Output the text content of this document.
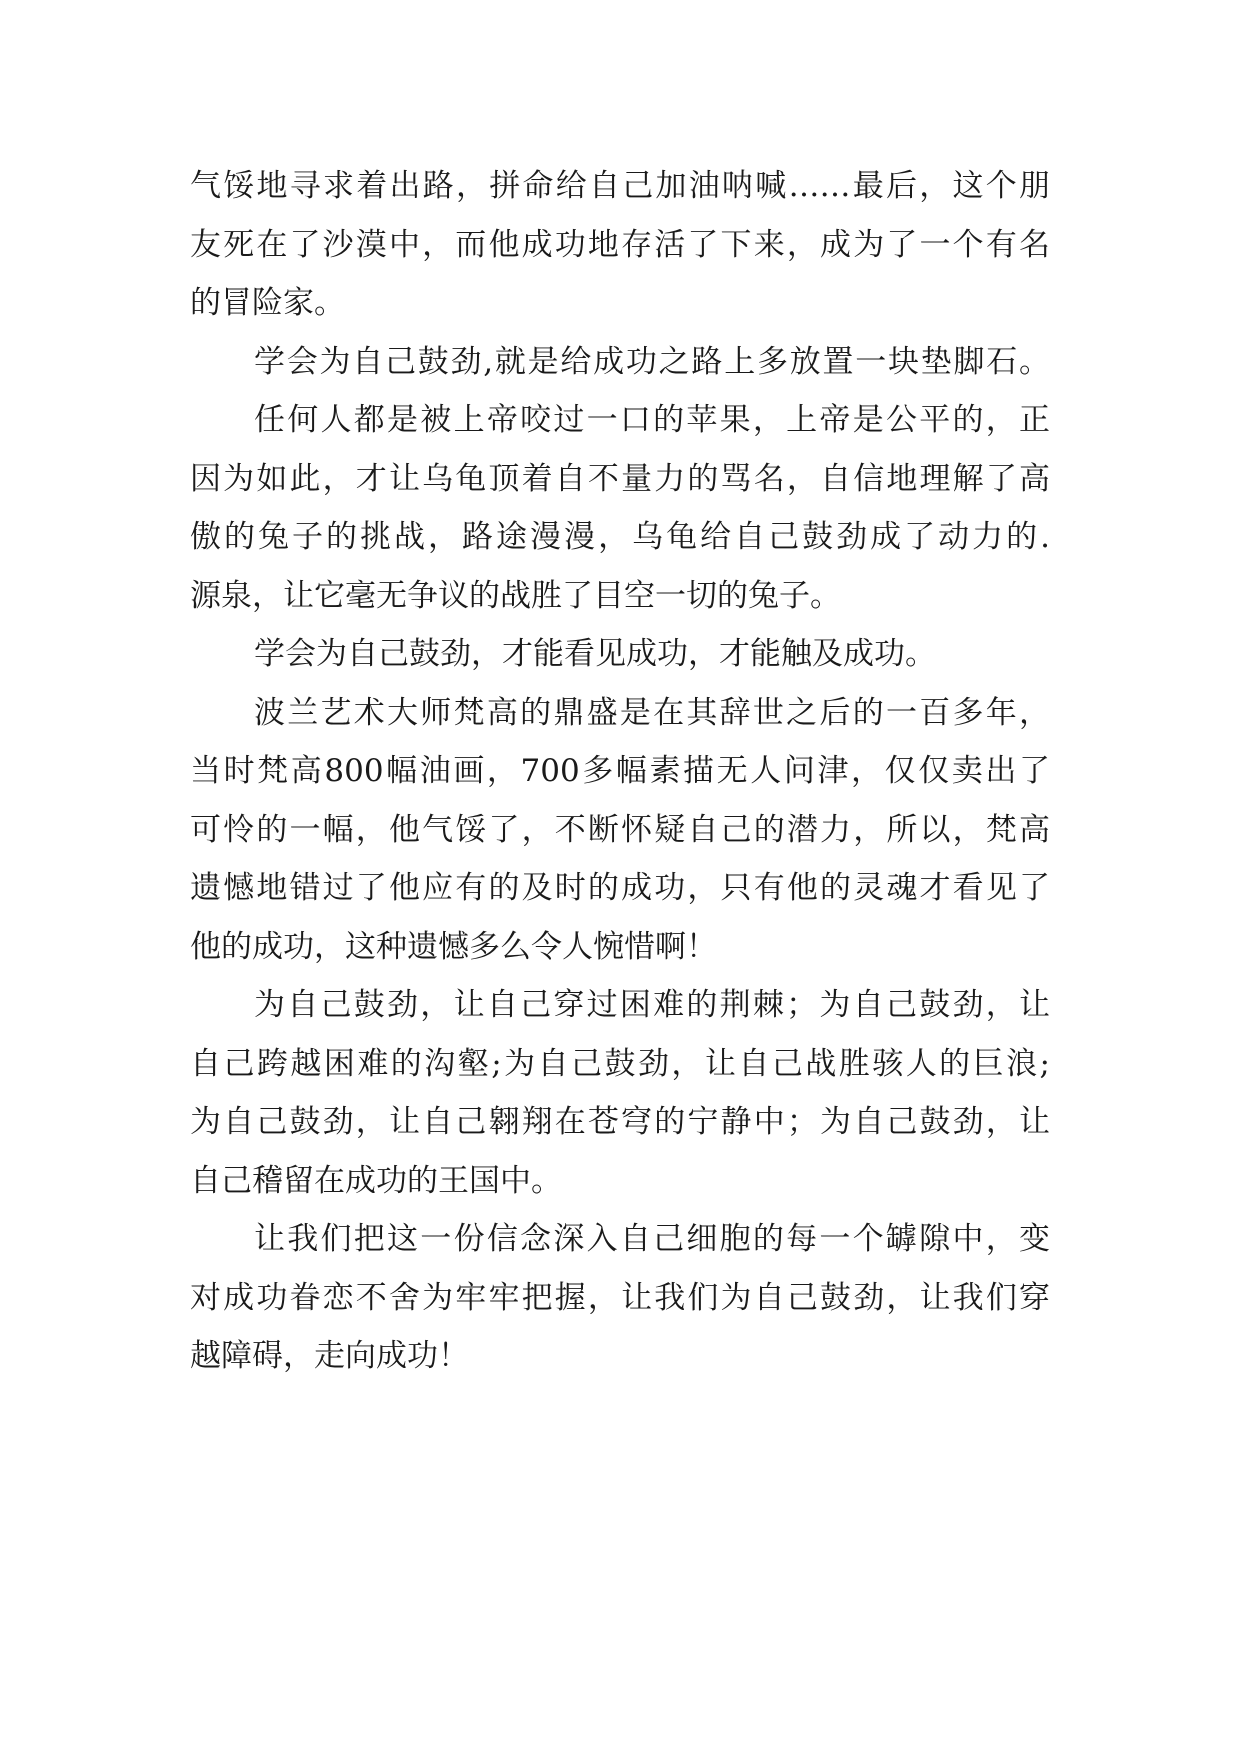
气馁地寻求着出路，拼命给自己加油呐喊……最后，这个朋
友死在了沙漠中，而他成功地存活了下来，成为了一个有名
的冒险家。
学会为自己鼓劲,就是给成功之路上多放置一块垫脚石。
任何人都是被上帝咬过一口的苹果，上帝是公平的，正
因为如此，才让乌龟顶着自不量力的骂名，自信地理解了高
傲的兔子的挑战，路途漫漫，乌龟给自己鼓劲成了动力的.
源泉，让它毫无争议的战胜了目空一切的兔子。
学会为自己鼓劲，才能看见成功，才能触及成功。
波兰艺术大师梵高的鼎盛是在其辞世之后的一百多年，
当时梵高800幅油画，700多幅素描无人问津，仅仅卖出了
可怜的一幅，他气馁了，不断怀疑自己的潜力，所以，梵高
遗憾地错过了他应有的及时的成功，只有他的灵魂才看见了
他的成功，这种遗憾多么令人惋惜啊！
为自己鼓劲，让自己穿过困难的荆棘；为自己鼓劲，让
自己跨越困难的沟壑;为自己鼓劲，让自己战胜骇人的巨浪;
为自己鼓劲，让自己翱翔在苍穹的宁静中；为自己鼓劲，让
自己稽留在成功的王国中。
让我们把这一份信念深入自己细胞的每一个罅隙中，变
对成功眷恋不舍为牢牢把握，让我们为自己鼓劲，让我们穿
越障碍，走向成功！
